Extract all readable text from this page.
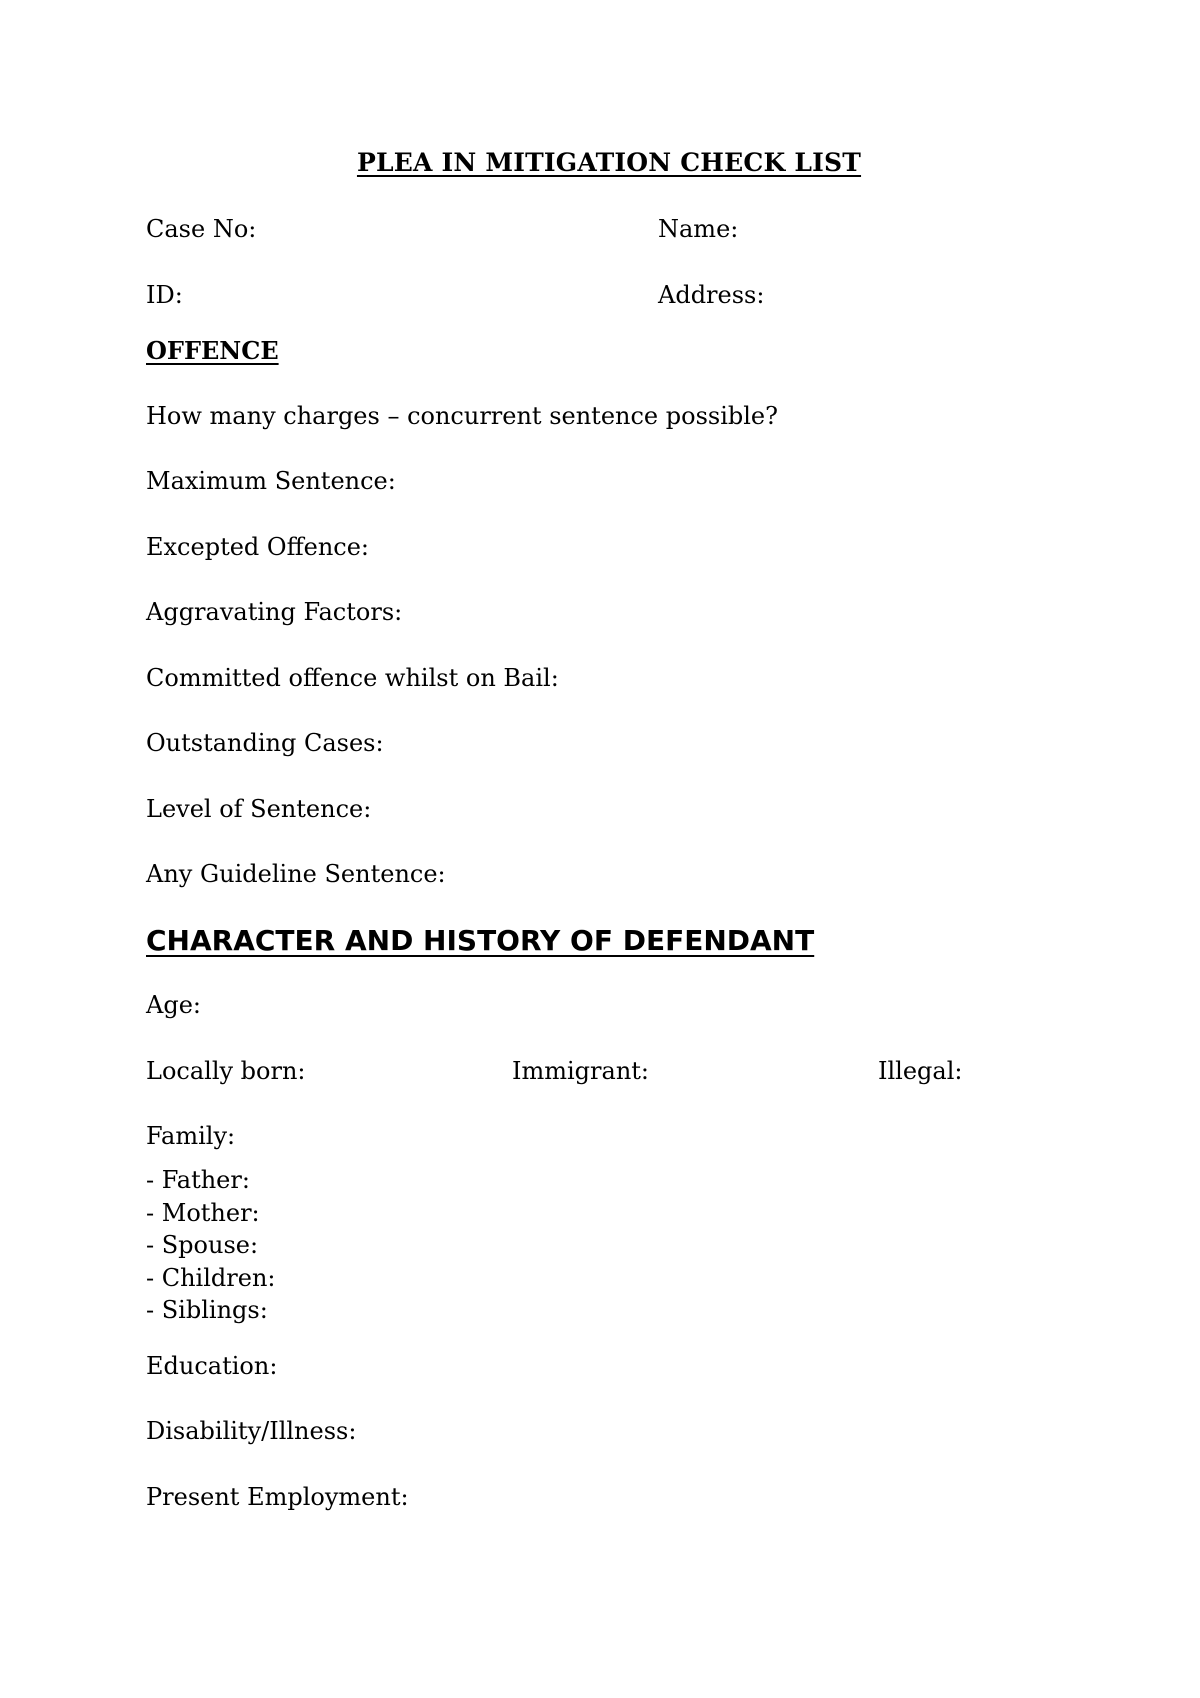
PLEA IN MITIGATION CHECK LIST
Case No:	Name:
ID:	Address:
OFFENCE
How many charges – concurrent sentence possible?
Maximum Sentence:
Excepted Offence:
Aggravating Factors:
Committed offence whilst on Bail:
Outstanding Cases:
Level of Sentence:
Any Guideline Sentence:
CHARACTER AND HISTORY OF DEFENDANT
Age:
Locally born:	Immigrant:	Illegal:
Family:
- Father:
- Mother:
- Spouse:
- Children:
- Siblings:
Education:
Disability/Illness:
Present Employment:
